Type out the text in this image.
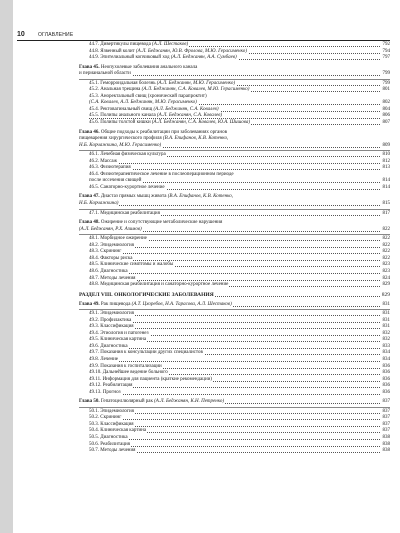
10	ОГЛАВЛЕНИЕ
44.7. Дивертикулы пищевода (А.Л. Шестаков)	792
44.8. Язвенный колит (А.Л. Беджанян, Ю.В. Фролова, М.Ю. Герасименко)	794
44.9. Эпителиальный копчиковый ход (А.Л. Беджанян, А.А. Сумбаев)	797
Глава 45. Неопухолевые заболевания анального канала
и перианальной области	799
45.1. Геморроидальная болезнь (А.Л. Беджанян, М.Ю. Герасименко)	799
45.2. Анальная трещина (А.Л. Беджанян, С.А. Ковалев, М.Ю. Герасименко)	801
45.3. Аноректальный свищ (хронический парапроктит)
(С.А. Ковалев, А.Л. Беджанян, М.Ю. Герасименко)	802
45.4. Ректовагинальный свищ (А.Л. Беджанян, С.А. Ковалев)	804
45.5. Полипы анального канала (А.Л. Беджанян, С.А. Ковалев)	806
45.6. Полипы толстой кишки (А.Л. Беджанян, С.А. Ковалев, Ю.А. Шишова)	807
Глава 46. Общие подходы к реабилитации при заболеваниях органов
пищеварения хирургического профиля (В.А. Епифанов, К.В. Котенко,
Н.Б. Корчажкина, М.Ю. Герасименко)	809
46.1. Лечебная физическая культура	810
46.2. Массаж	812
46.3. Физиотерапия	813
46.4. Физиотерапевтическое лечение в послеоперационном периоде
после иссечения свищей	814
46.5. Санаторно-курортное лечение	814
Глава 47. Диастаз прямых мышц живота (В.А. Епифанов, К.В. Котенко,
Н.Б. Корчажкина)	815
47.1. Медицинская реабилитация	817
Глава 48. Ожирение и сопутствующие метаболические нарушения
(А.Л. Беджанян, Р.Х. Азимов)	822
48.1. Морбидное ожирение	822
48.2. Эпидемиология	822
48.3. Скрининг	822
48.4. Факторы риска	822
48.5. Клинические симптомы и жалобы	823
48.6. Диагностика	823
48.7. Методы лечения	824
48.8. Медицинская реабилитация и санаторно-курортное лечение	829
РАЗДЕЛ VIII. ОНКОЛОГИЧЕСКИЕ ЗАБОЛЕВАНИЯ	829
Глава 49. Рак пищевода (А.Т. Цхоребов, Н.А. Тарасова, А.Л. Шестаков)	831
49.1. Эпидемиология	831
49.2. Профилактика	831
49.3. Классификация	831
49.4. Этиология и патогенез	832
49.5. Клиническая картина	832
49.6. Диагностика	833
49.7. Показания к консультации других специалистов	834
49.8. Лечение	834
49.9. Показания к госпитализации	836
49.10. Дальнейшее ведение больного	836
49.11. Информация для пациента (краткие рекомендации)	836
49.12. Реабилитация	836
49.13. Прогноз	836
Глава 50. Гепатоцеллюлярный рак (А.Л. Беджанян, К.Н. Петренко)	837
50.1. Эпидемиология	837
50.2. Скрининг	837
50.3. Классификация	837
50.4. Клиническая картина	837
50.5. Диагностика	838
50.6. Реабилитация	838
50.7. Методы лечения	838
